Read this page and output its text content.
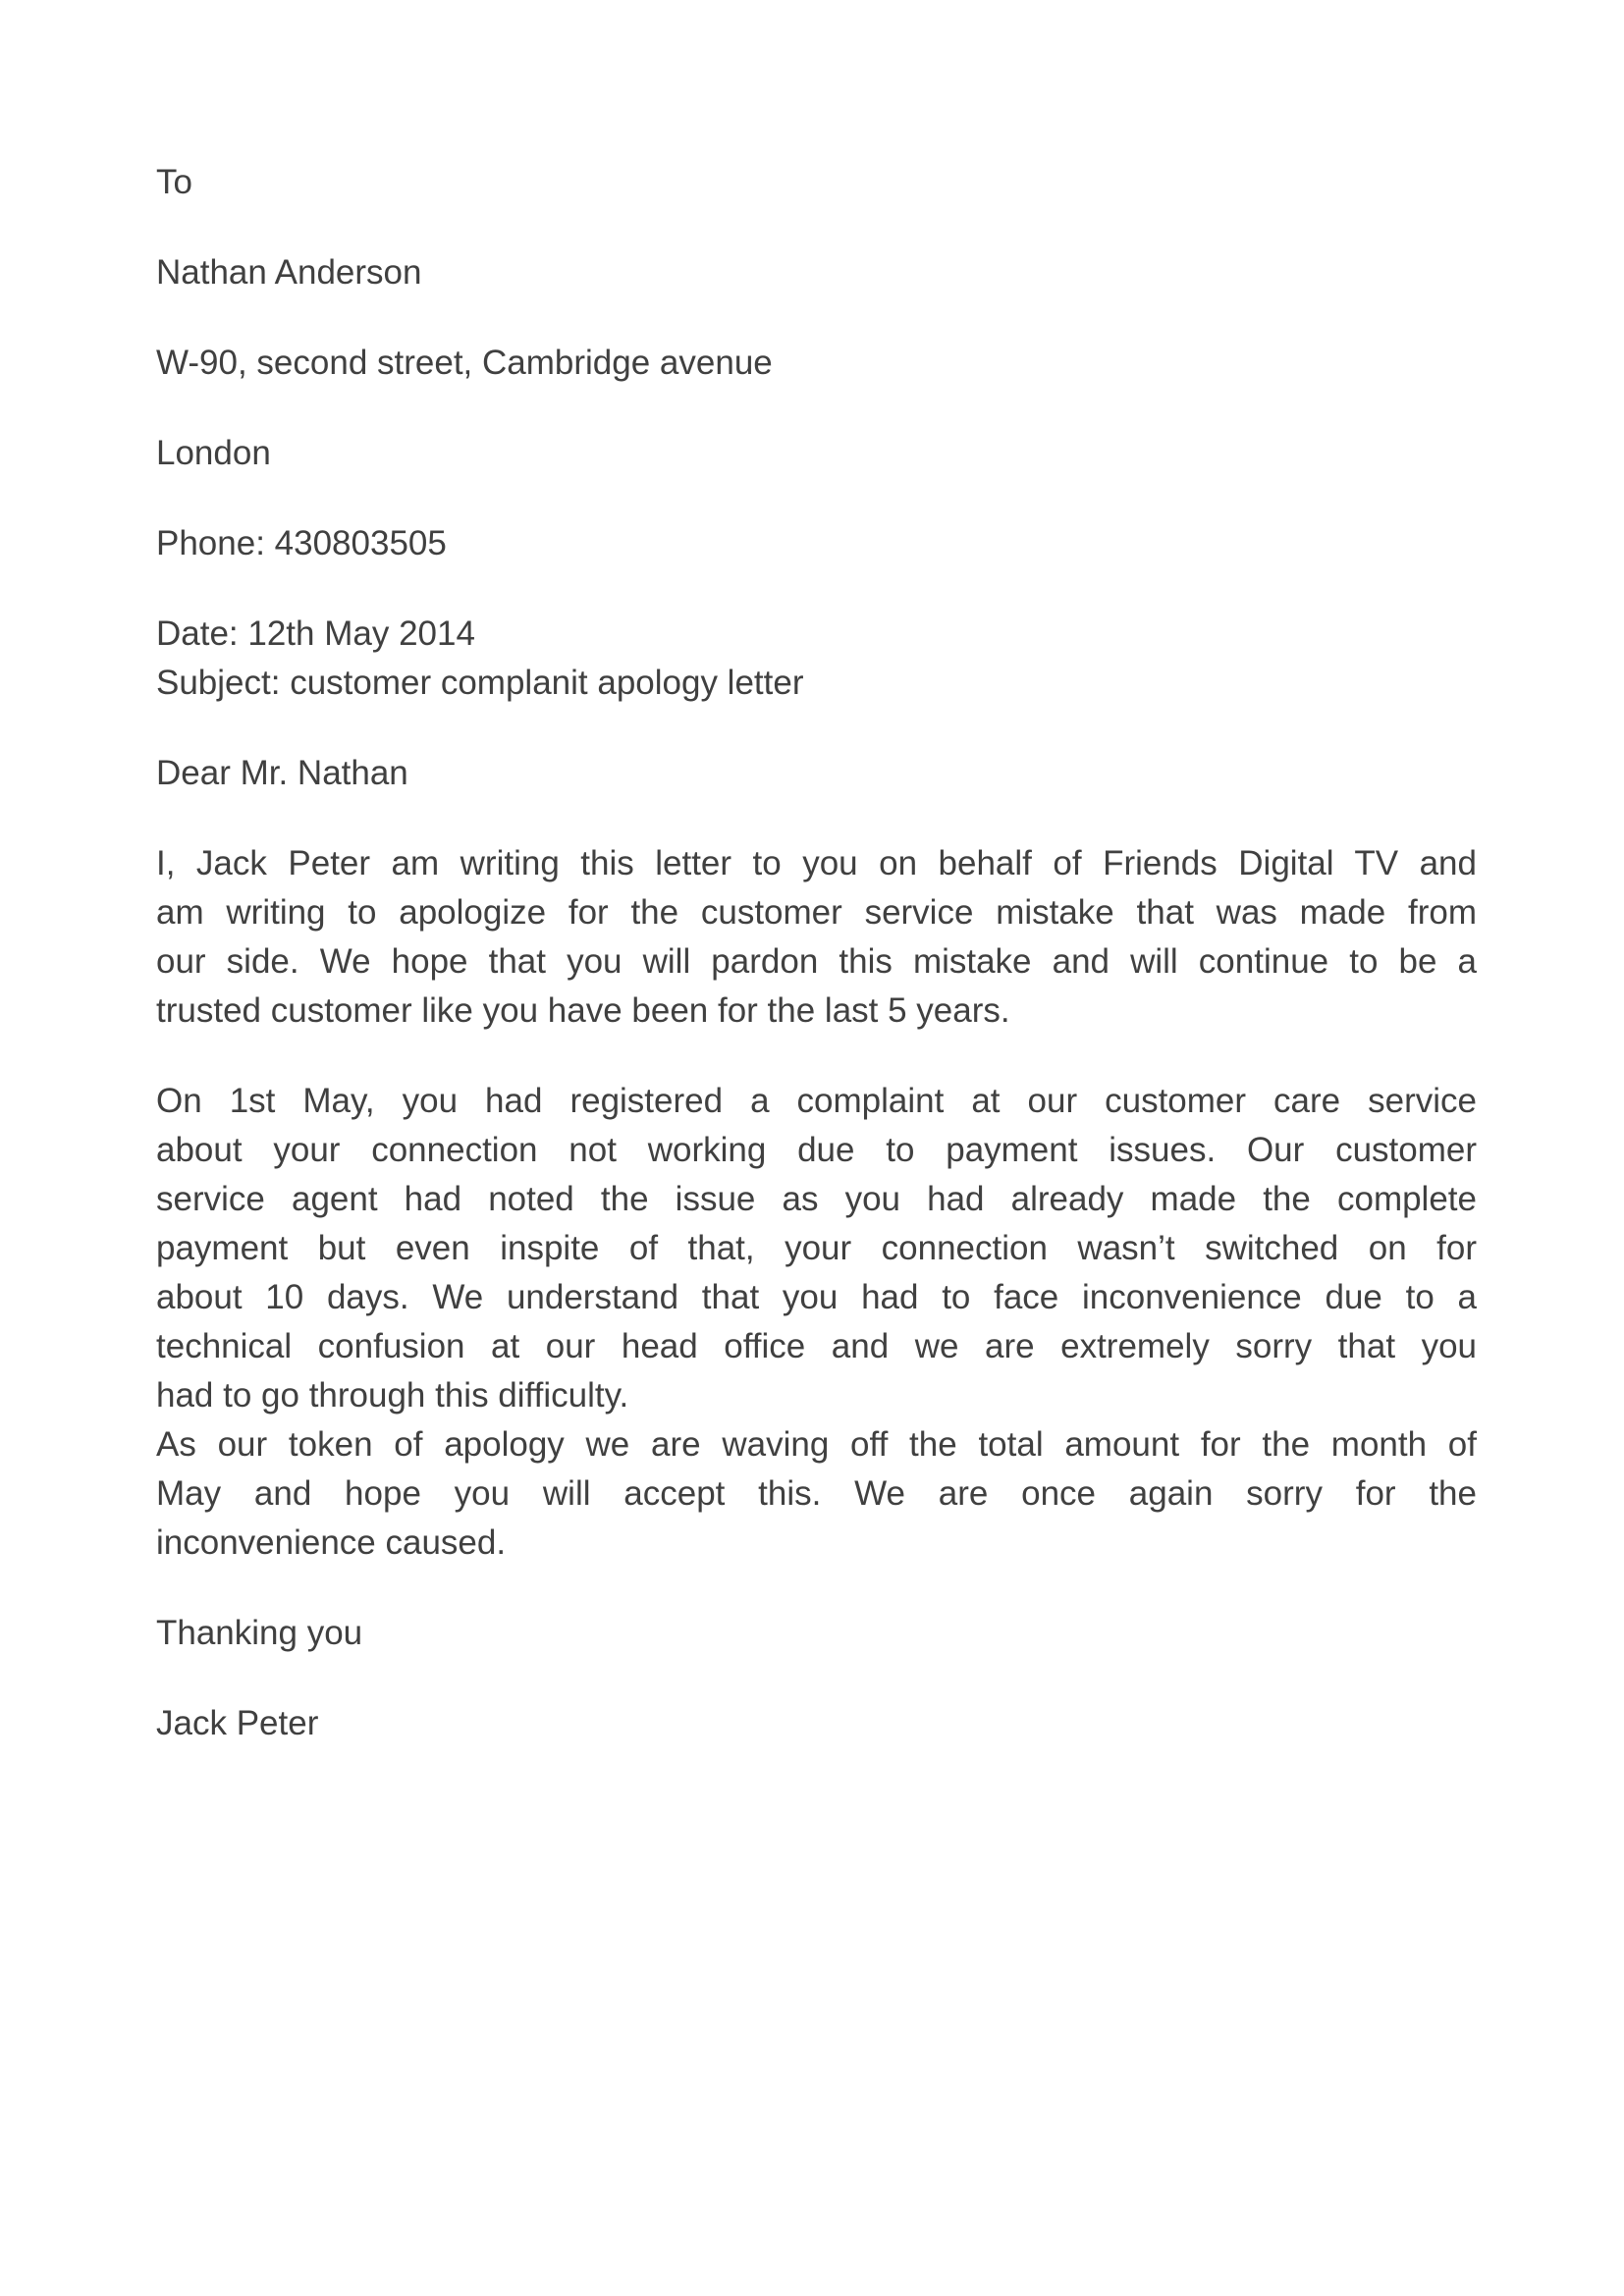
To
Nathan Anderson
W-90, second street, Cambridge avenue
London
Phone: 430803505
Date: 12th May 2014
Subject: customer complanit apology letter
Dear Mr. Nathan
I, Jack Peter am writing this letter to you on behalf of Friends Digital TV and
am writing to apologize for the customer service mistake that was made from
our side. We hope that you will pardon this mistake and will continue to be a
trusted customer like you have been for the last 5 years.
On 1st May, you had registered a complaint at our customer care service
about your connection not working due to payment issues. Our customer
service agent had noted the issue as you had already made the complete
payment but even inspite of that, your connection wasn’t switched on for
about 10 days. We understand that you had to face inconvenience due to a
technical confusion at our head office and we are extremely sorry that you
had to go through this difficulty.
As our token of apology we are waving off the total amount for the month of
May and hope you will accept this. We are once again sorry for the
inconvenience caused.
Thanking you
Jack Peter
